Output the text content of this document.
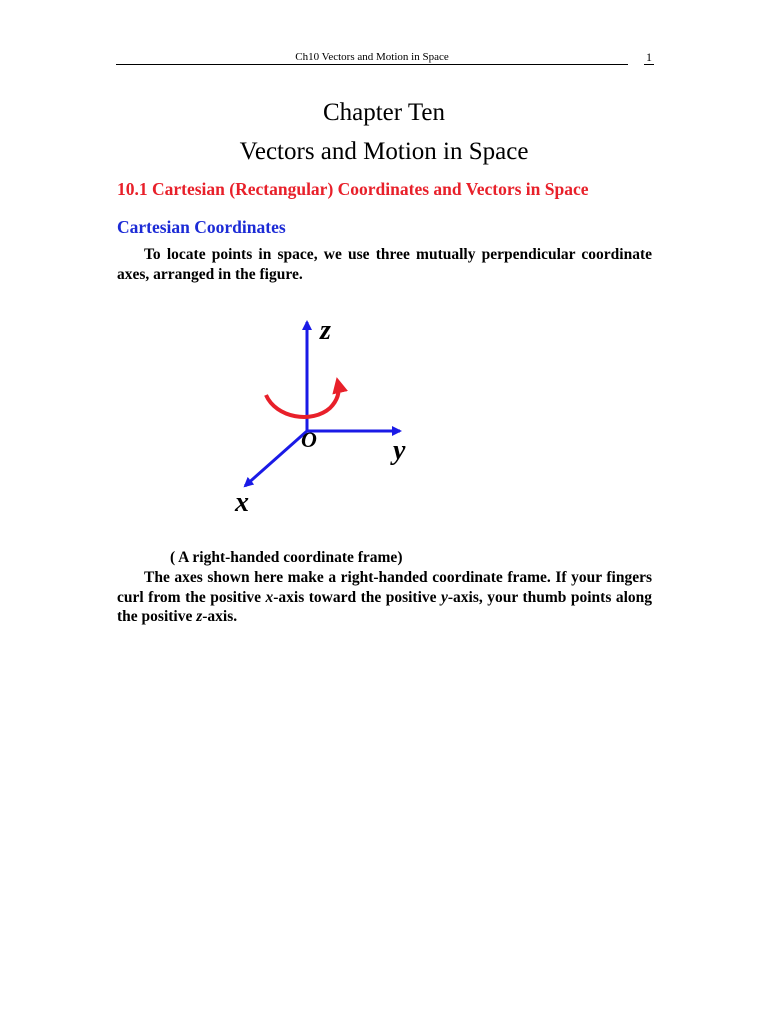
Ch10 Vectors and Motion in Space	1
Chapter Ten
Vectors and Motion in Space
10.1 Cartesian (Rectangular) Coordinates and Vectors in Space
Cartesian Coordinates
To locate points in space, we use three mutually perpendicular coordinate axes, arranged in the figure.
z
y
x
O
( A right-handed coordinate frame)
The axes shown here make a right-handed coordinate frame. If your fingers curl from the positive x-axis toward the positive y-axis, your thumb points along the positive z-axis.
